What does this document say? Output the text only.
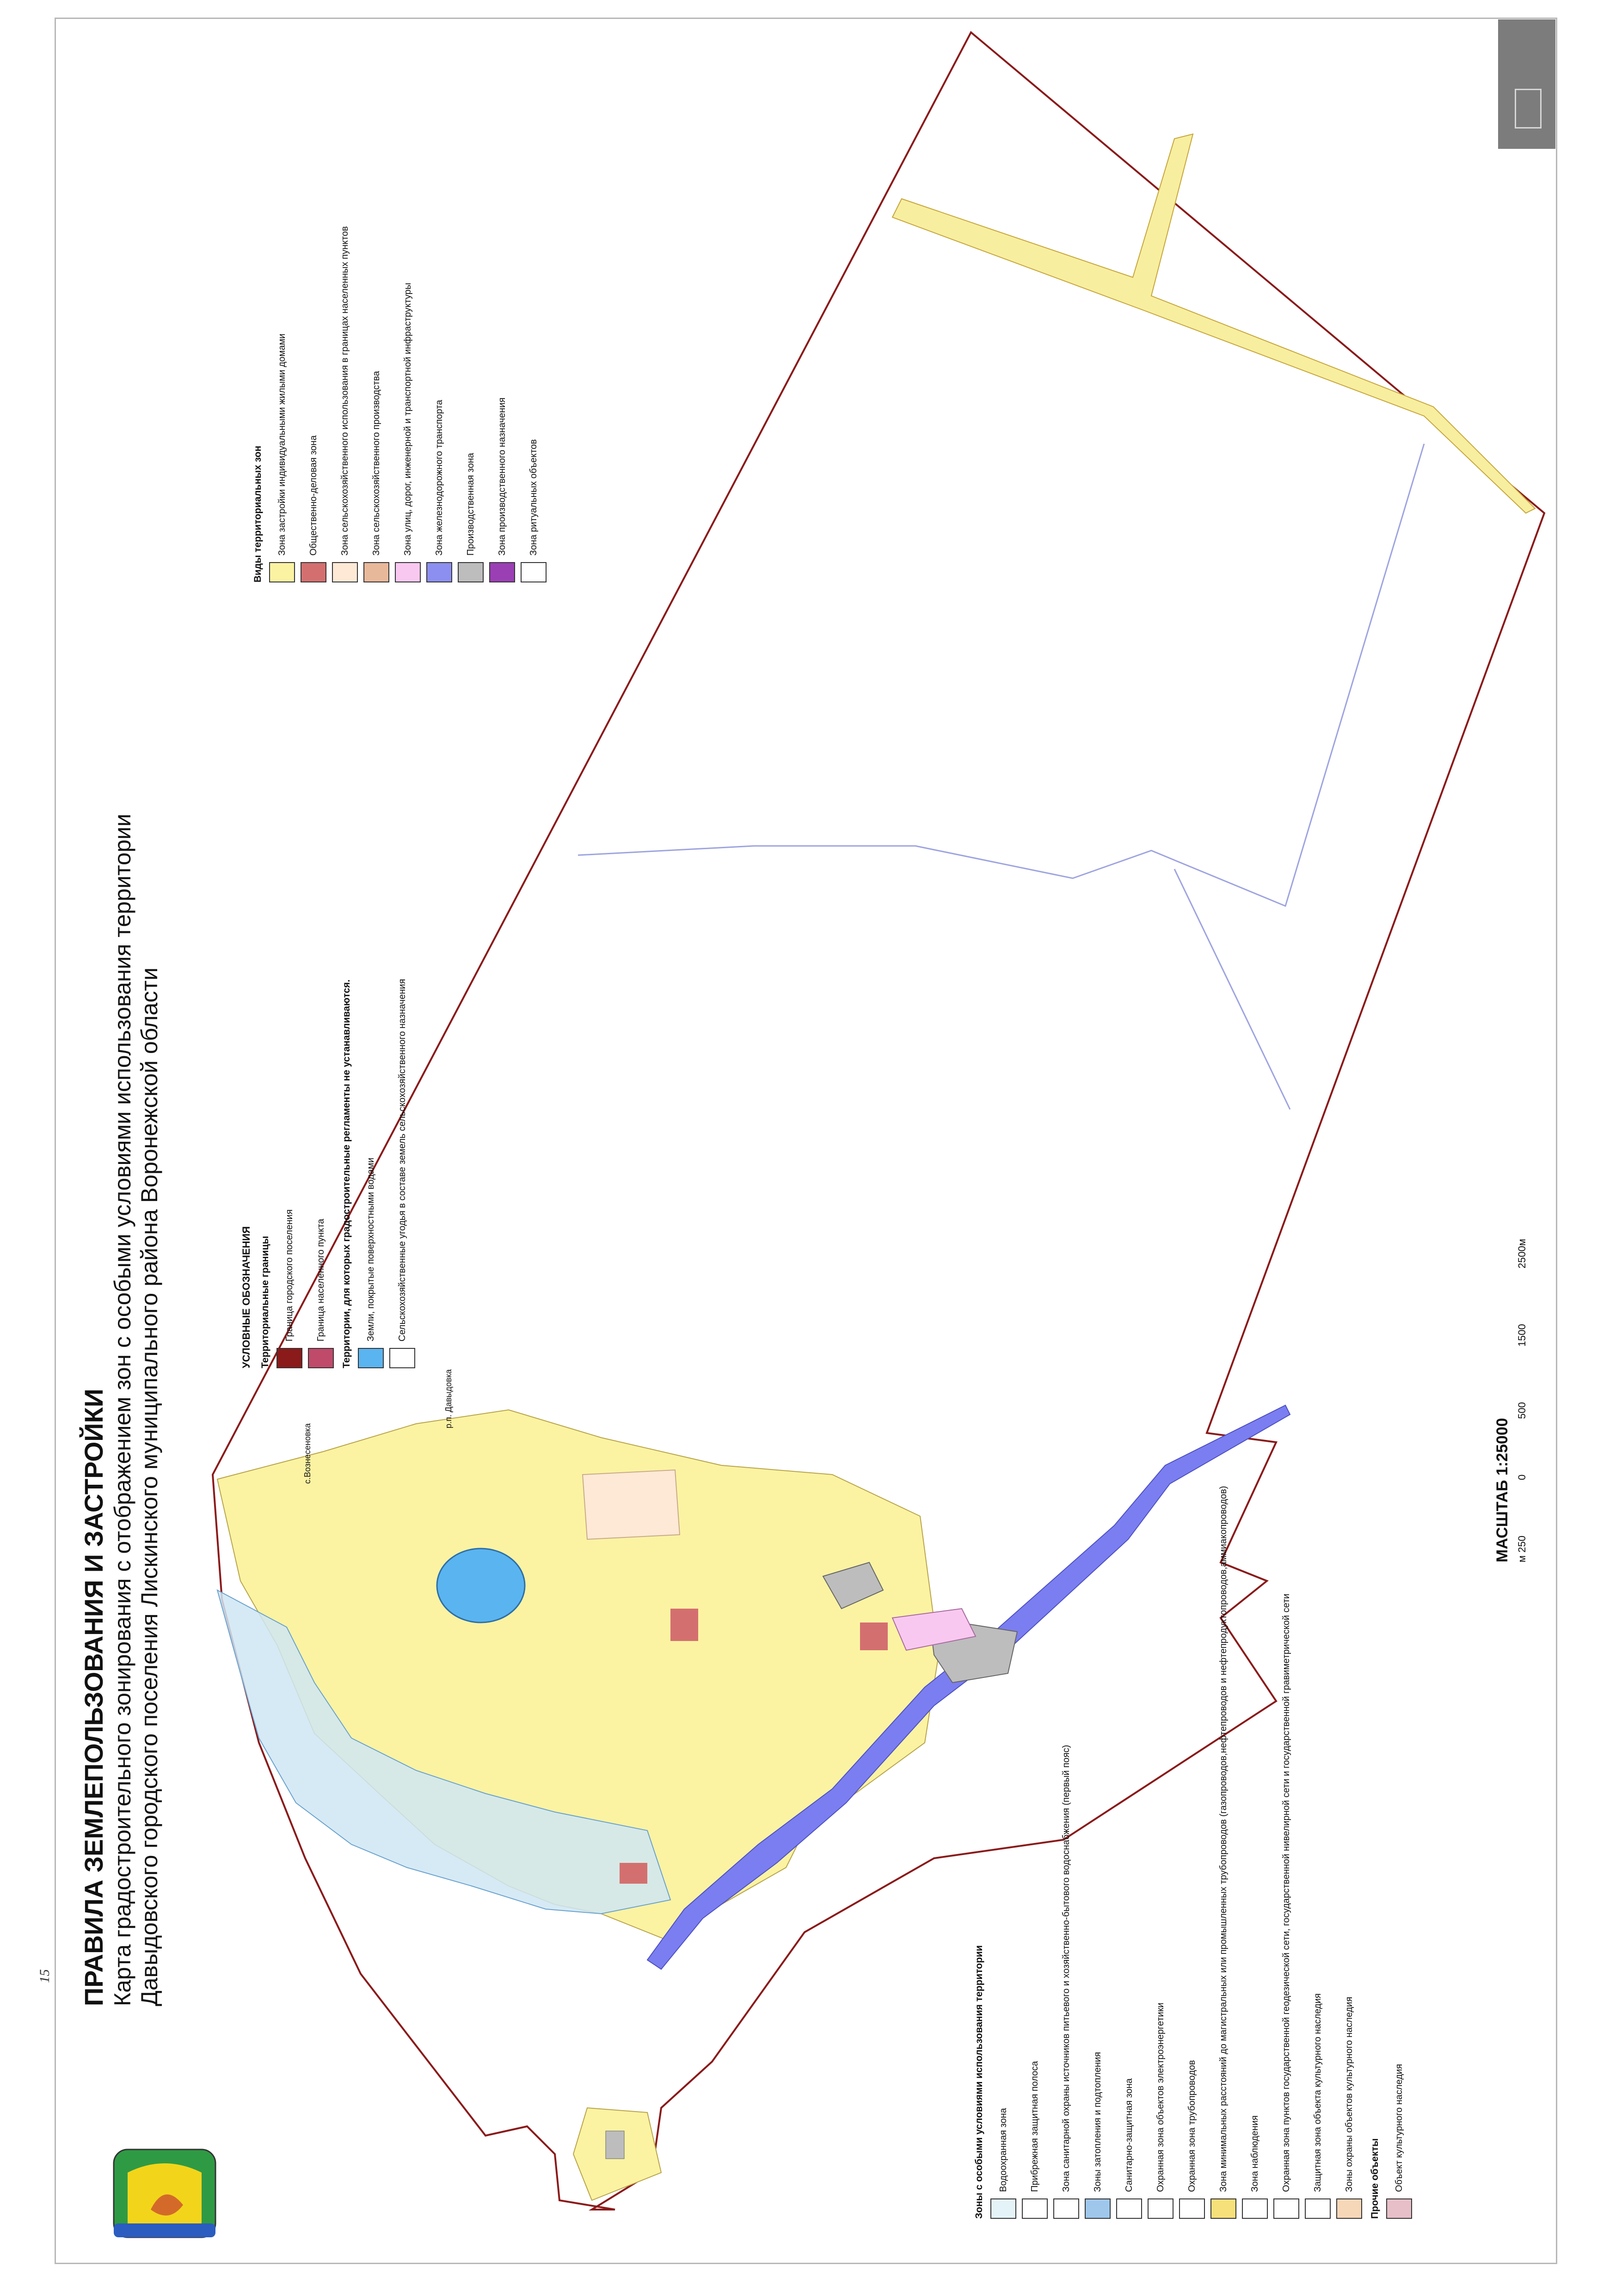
15 ПРАВИЛА ЗЕМЛЕПОЛЬЗОВАНИЯ И ЗАСТРОЙКИ Карта градостроительного зонирования с отображением зон с особыми условиями использования территории Давыдовского городского поселения Лискинского муниципального района Воронежской области	МАСШТАБ 1:25000 м 250
0
500
1500
2500м
с.Вознесеновка
р.п. Давыдовка
УСЛОВНЫЕ ОБОЗНАЧЕНИЯ Территориальные границы Граница городского поселения Граница населенного пункта Территории, для которых градостроительные регламенты не устанавливаются. Земли, покрытые поверхностными водами Сельскохозяйственные угодья в составе земель сельскохозяйственного назначения
Виды территориальных зон Зона застройки индивидуальными жилыми домами Общественно-деловая зона Зона сельскохозяйственного использования в границах населенных пунктов Зона сельскохозяйственного производства Зона улиц, дорог, инженерной и транспортной инфраструктуры Зона железнодорожного транспорта Производственная зона Зона производственного назначения Зона ритуальных объектов
Зоны с особыми условиями использования территории Водоохранная зона Прибрежная защитная полоса Зона санитарной охраны источников питьевого и хозяйственно-бытового водоснабжения (первый пояс) Зоны затопления и подтопления Санитарно-защитная зона Охранная зона объектов электроэнергетики Охранная зона трубопроводов Зона минимальных расстояний до магистральных или промышленных трубопроводов (газопроводов,нефтепроводов и нефтепродуктопроводов,аммиакопроводов) Зона наблюдения Охранная зона пунктов государственной геодезической сети, государственной нивелирной сети и государственной гравиметрической сети Защитная зона объекта культурного наследия Зоны охраны объектов культурного наследия Прочие объекты Объект культурного наследия
